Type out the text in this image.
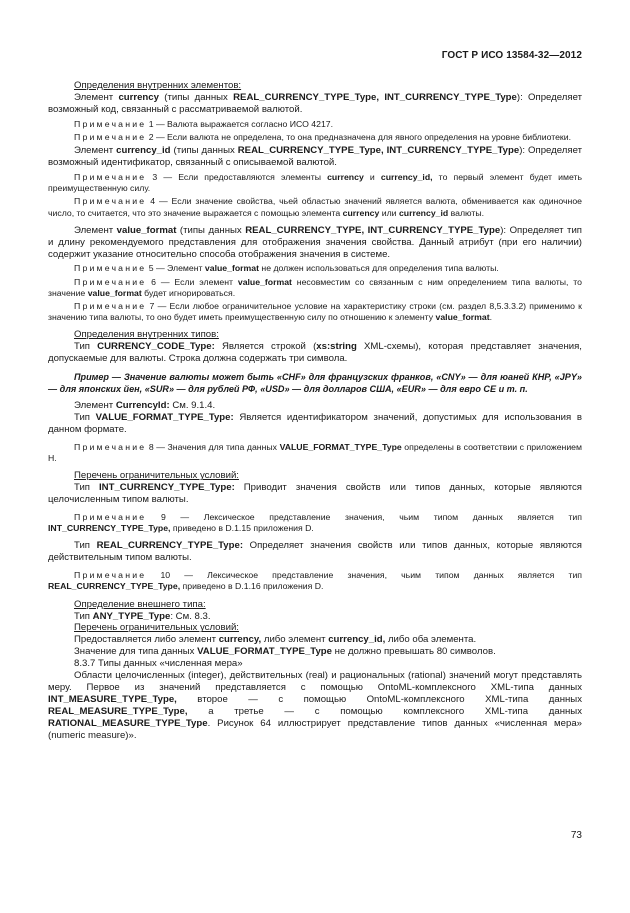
ГОСТ Р ИСО 13584-32—2012

Определения внутренних элементов:

Элемент currency (типы данных REAL_CURRENCY_TYPE_Type, INT_CURRENCY_TYPE_Type): Определяет возможный код, связанный с рассматриваемой валютой.

Примечание 1 — Валюта выражается согласно ИСО 4217.

Примечание 2 — Если валюта не определена, то она предназначена для явного определения на уровне библиотеки.

Элемент currency_id (типы данных REAL_CURRENCY_TYPE_Type, INT_CURRENCY_TYPE_Type): Определяет возможный идентификатор, связанный с описываемой валютой.

Примечание 3 — Если предоставляются элементы currency и currency_id, то первый элемент будет иметь преимущественную силу.

Примечание 4 — Если значение свойства, чьей областью значений является валюта, обменивается как одиночное число, то считается, что это значение выражается с помощью элемента currency или currency_id валюты.

Элемент value_format (типы данных REAL_CURRENCY_TYPE, INT_CURRENCY_TYPE_Type): Определяет тип и длину рекомендуемого представления для отображения значения свойства. Данный атрибут (при его наличии) содержит указание относительно способа отображения значения в системе.

Примечание 5 — Элемент value_format не должен использоваться для определения типа валюты.

Примечание 6 — Если элемент value_format несовместим со связанным с ним определением типа валюты, то значение value_format будет игнорироваться.

Примечание 7 — Если любое ограничительное условие на характеристику строки (см. раздел 8,5.3.3.2) применимо к значению типа валюты, то оно будет иметь преимущественную силу по отношению к элементу value_format.

Определения внутренних типов:

Тип CURRENCY_CODE_Type: Является строкой (xs:string XML-схемы), которая представляет значения, допускаемые для валюты. Строка должна содержать три символа.

Пример — Значение валюты может быть «CHF» для французских франков, «CNY» — для юаней КНР, «JPY» — для японских йен, «SUR» — для рублей РФ, «USD» — для долларов США, «EUR» — для евро СЕ и т. п.

Элемент CurrencyId: См. 9.1.4.

Тип VALUE_FORMAT_TYPE_Type: Является идентификатором значений, допустимых для использования в данном формате.

Примечание 8 — Значения для типа данных VALUE_FORMAT_TYPE_Type определены в соответствии с приложением Н.

Перечень ограничительных условий:

Тип INT_CURRENCY_TYPE_Type: Приводит значения свойств или типов данных, которые являются целочисленным типом валюты.

Примечание 9 — Лексическое представление значения, чьим типом данных является тип INT_CURRENCY_TYPE_Type, приведено в D.1.15 приложения D.

Тип REAL_CURRENCY_TYPE_Type: Определяет значения свойств или типов данных, которые являются действительным типом валюты.

Примечание 10 — Лексическое представление значения, чьим типом данных является тип REAL_CURRENCY_TYPE_Type, приведено в D.1.16 приложения D.

Определение внешнего типа:

Тип ANY_TYPE_Type: См. 8.3.

Перечень ограничительных условий:

Предоставляется либо элемент currency, либо элемент currency_id, либо оба элемента.

Значение для типа данных VALUE_FORMAT_TYPE_Type не должно превышать 80 символов.

8.3.7 Типы данных «численная мера»

Области целочисленных (integer), действительных (real) и рациональных (rational) значений могут представлять меру. Первое из значений представляется с помощью OntoML-комплексного XML-типа данных INT_MEASURE_TYPE_Type, второе — с помощью OntoML-комплексного XML-типа данных REAL_MEASURE_TYPE_Type, а третье — с помощью комплексного XML-типа данных RATIONAL_MEASURE_TYPE_Type. Рисунок 64 иллюстрирует представление типов данных «численная мера» (numeric measure)».

73
